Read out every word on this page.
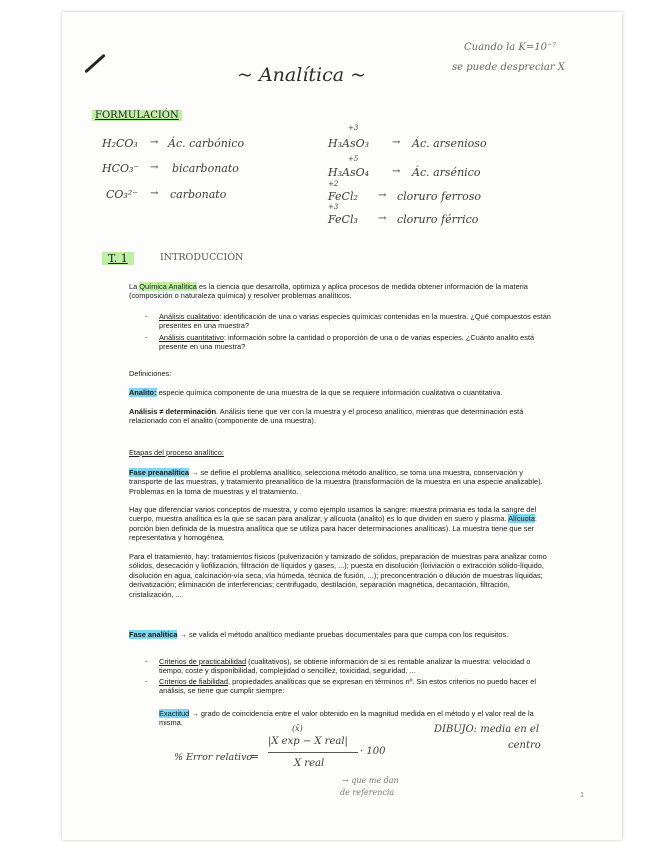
~ Analítica ~
Cuando la K=10⁻⁷
se puede despreciar X
FORMULACIÓN
H₂CO₃ → Ác. carbónico
HCO₃⁻ → bicarbonato
CO₃²⁻ → carbonato
+3
H₃AsO₃ → Ác. arsenioso
+5
H₃AsO₄ → Ác. arsénico
+2
FeCl₂ → cloruro ferroso
+3
FeCl₃ → cloruro férrico
T. 1	INTRODUCCIÓN
La Química Analítica es la ciencia que desarrolla, optimiza y aplica procesos de medida obtener información de la materia (composición o naturaleza química) y resolver problemas analíticos.
- Análisis cualitativo: identificación de una o varias especies químicas contenidas en la muestra. ¿Qué compuestos están presentes en una muestra?
- Análisis cuantitativo: información sobre la cantidad o proporción de una o de varias especies. ¿Cuánto analito está presente en una muestra?
Definiciones:
Analito: especie química componente de una muestra de la que se requiere información cualitativa o cuantitativa.
Análisis ≠ determinación. Análisis tiene que ver con la muestra y el proceso analítico, mientras que determinación está relacionado con el analito (componente de una muestra).
Etapas del proceso analítico:
Fase preanalítica → se define el problema analítico, selecciona método analítico, se toma una muestra, conservación y transporte de las muestras, y tratamiento preanalítico de la muestra (transformación de la muestra en una especie analizable). Problemas en la toma de muestras y el tratamiento.
Hay que diferenciar varios conceptos de muestra, y como ejemplo usamos la sangre: muestra primaria es toda la sangre del cuerpo, muestra analítica es la que se sacan para analizar, y alícuota (analito) es lo que dividen en suero y plasma. Alícuota: porción bien definida de la muestra analítica que se utiliza para hacer determinaciones analíticas). La muestra tiene que ser representativa y homogénea.
Para el tratamiento, hay: tratamientos físicos (pulverización y tamizado de sólidos, preparación de muestras para analizar como sólidos, desecación y liofilización, filtración de líquidos y gases, ...); puesta en disolución (lixiviación o extracción sólido-líquido, disolución en agua, calcinación-vía seca, vía húmeda, técnica de fusión, ...); preconcentración o dilución de muestras líquidas; derivatización; eliminación de interferencias; centrifugado, destilación, separación magnética, decantación, filtración, cristalización, ...
Fase analítica → se valida el método analítico mediante pruebas documentales para que cumpa con los requisitos.
- Criterios de practicabilidad (cualitativos), se obtiene información de si es rentable analizar la muestra: velocidad o tiempo, coste y disponibilidad, complejidad o sencillez, toxicidad, seguridad, ...
- Criterios de fiabilidad, propiedades analíticas que se expresan en términos nº. Sin estos criterios no puedo hacer el análisis, se tiene que cumplir siempre:
Exactitud → grado de coincidencia entre el valor obtenido en la magnitud medida en el método y el valor real de la misma.
% Error relativo
=
(x̄)
|X exp − X real|
X real
· 100
DIBUJO: media en el
centro
→ que me dan
de referencia	1
